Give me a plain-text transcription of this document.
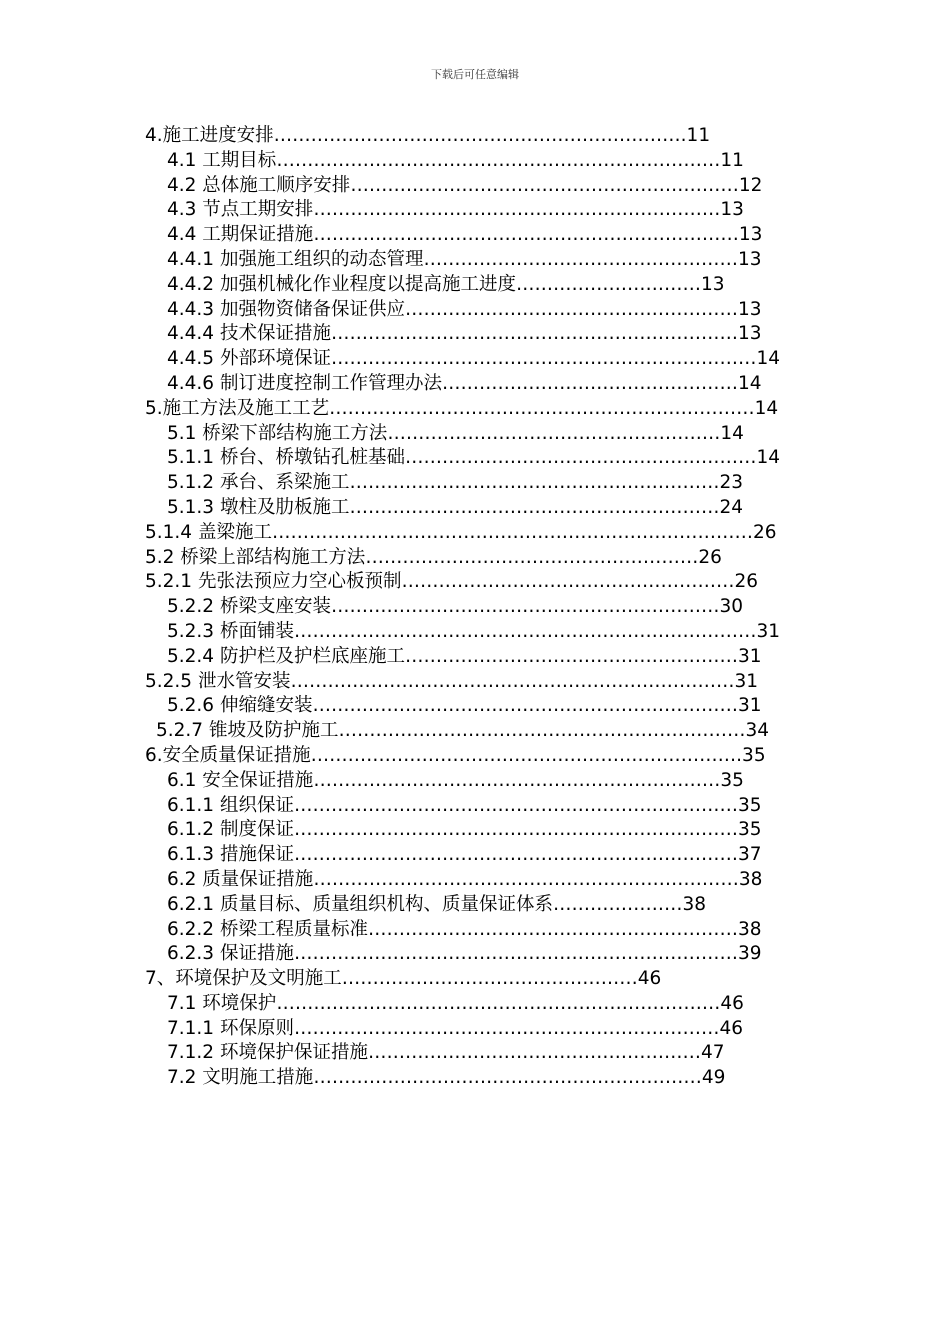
下载后可任意编辑
4.施工进度安排………………………………………………………….11
4.1 工期目标………………………………………………………………11
4.2 总体施工顺序安排………………………………………………………12
4.3 节点工期安排…………………………………………………………13
4.4 工期保证措施……………………………………………………………13
4.4.1 加强施工组织的动态管理……………………………………………13
4.4.2 加强机械化作业程度以提高施工进度…………………………13
4.4.3 加强物资储备保证供应………………………………………………13
4.4.4 技术保证措施…………………………………………………………13
4.4.5 外部环境保证……………………………………………………………14
4.4.6 制订进度控制工作管理办法…………………………………………14
5.施工方法及施工工艺……………………………………………………………14
5.1 桥梁下部结构施工方法………………………………………………14
5.1.1 桥台、桥墩钻孔桩基础…………………………………………………14
5.1.2 承台、系梁施工……………………………………………………23
5.1.3 墩柱及肋板施工……………………………………………………24
5.1.4 盖梁施工……………………………………………………………………26
5.2 桥梁上部结构施工方法………………………………………………26
5.2.1 先张法预应力空心板预制………………………………………………26
5.2.2 桥梁支座安装………………………………………………………30
5.2.3 桥面铺装…………………………………………………………………31
5.2.4 防护栏及护栏底座施工………………………………………………31
5.2.5 泄水管安装………………………………………………………………31
5.2.6 伸缩缝安装……………………………………………………………31
5.2.7 锥坡及防护施工…………………………………………………………34
6.安全质量保证措施…………………………………………………………….35
6.1 安全保证措施…………………………………………………………35
6.1.1 组织保证………………………………………………………………35
6.1.2 制度保证………………………………………………………………35
6.1.3 措施保证………………………………………………………………37
6.2 质量保证措施……………………………………………………………38
6.2.1 质量目标、质量组织机构、质量保证体系…………………38
6.2.2 桥梁工程质量标准……………………………………………………38
6.2.3 保证措施………………………………………………………………39
7、环境保护及文明施工…………………………………………46
7.1 环境保护………………………………………………………………46
7.1.1 环保原则……………………………………………………………46
7.1.2 环境保护保证措施………………………………………………47
7.2 文明施工措施………………………………………………………49
